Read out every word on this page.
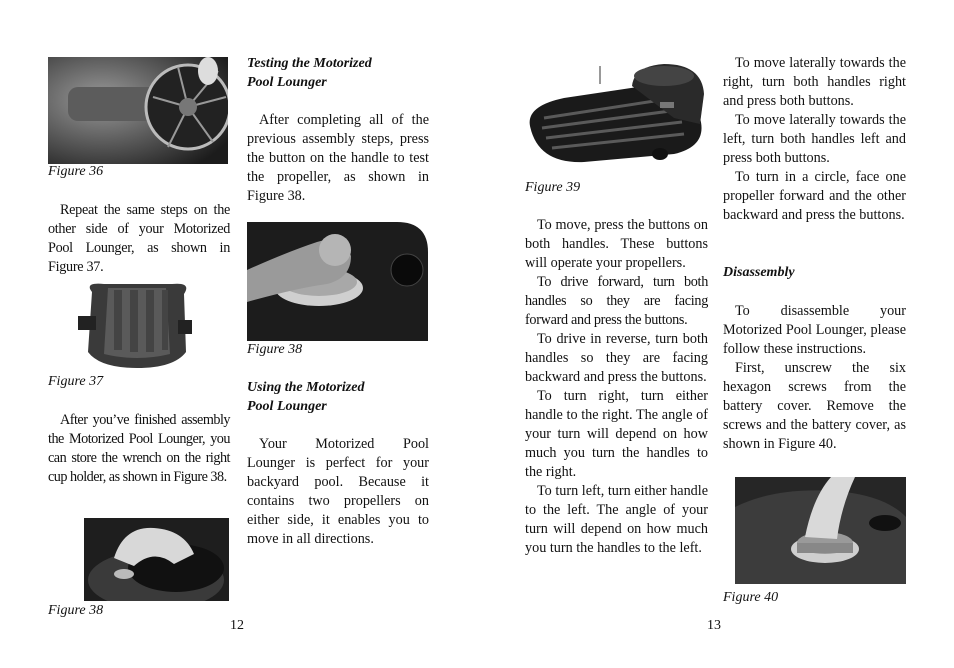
Figure 36

Repeat the same steps on the other side of your Motorized Pool Lounger, as shown in Figure 37.

Figure 37

After you’ve finished assembly the Motorized Pool Lounger, you can store the wrench on the right cup holder, as shown in Figure 38.

Figure 38
Testing the Motorized
Pool Lounger

After completing all of the previous assembly steps, press the button on the handle to test the propeller, as shown in Figure 38.

Figure 38
Using the Motorized
Pool Lounger

Your Motorized Pool Lounger is perfect for your backyard pool. Because it contains two propellers on either side, it enables you to move in all directions.

12
Figure 39

To move, press the buttons on both handles. These buttons will operate your propellers.

To drive forward, turn both handles so they are facing forward and press the buttons.

To drive in reverse, turn both handles so they are facing backward and press the buttons.

To turn right, turn either handle to the right. The angle of your turn will depend on how much you turn the handles to the right.

To turn left, turn either handle to the left. The angle of your turn will depend on how much you turn the handles to the left.

To move laterally towards the right, turn both handles right and press both buttons.

To move laterally towards the left, turn both handles left and press both buttons.

To turn in a circle, face one propeller forward and the other backward and press the buttons.

Disassembly

To disassemble your Motorized Pool Lounger, please follow these instructions.

First, unscrew the six hexagon screws from the battery cover. Remove the screws and the battery cover, as shown in Figure 40.

Figure 40
13
